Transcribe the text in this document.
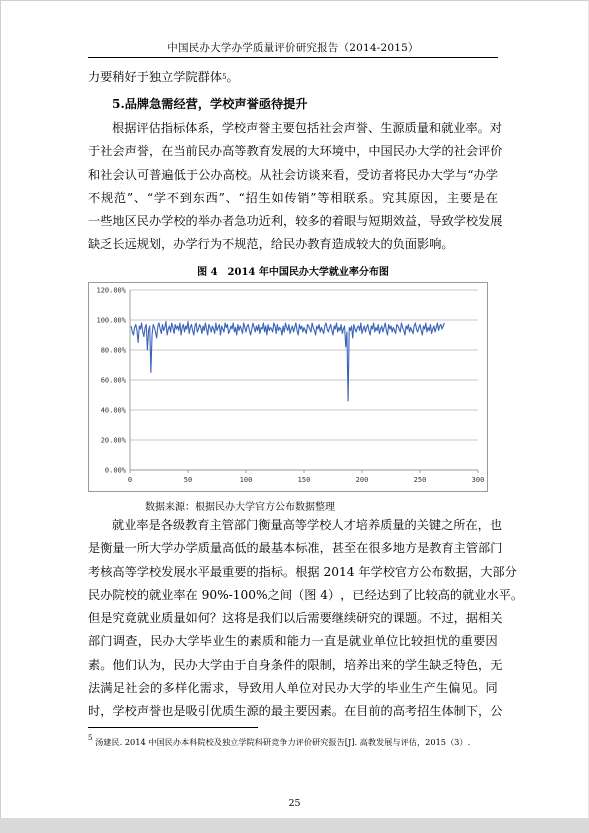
中国民办大学办学质量评价研究报告（2014-2015）
力要稍好于独立学院群体 5 。
5.品牌急需经营，学校声誉亟待提升
根 据 评 估 指 标 体 系 ， 学 校 声 誉 主 要 包 括 社 会 声 誉 、 生 源 质 量 和 就 业 率 。 对
于 社 会 声 誉 ， 在 当 前 民 办 高 等 教 育 发 展 的 大 环 境 中 ， 中 国 民 办 大 学 的 社 会 评 价
和 社 会 认 可 普 遍 低 于 公 办 高 校 。 从 社 会 访 谈 来 看 ， 受 访 者 将 民 办 大 学 与 “ 办 学
不 规 范 ” 、 “ 学 不 到 东 西 ” 、 “ 招 生 如 传 销 ” 等 相 联 系 。 究 其 原 因 ， 主 要 是 在
一 些 地 区 民 办 学 校 的 举 办 者 急 功 近 利 ， 较 多 的 着 眼 与 短 期 效 益 ， 导 致 学 校 发 展
缺乏长远规划，办学行为不规范，给民办教育造成较大的负面影响。
图 4　2014 年中国民办大学就业率分布图
0.00%
20.00%
40.00%
60.00%
80.00%
100.00%
120.00%
0	50	100	150	200	250	300
数据来源：根据民办大学官方公布数据整理
就 业 率 是 各 级 教 育 主 管 部 门 衡 量 高 等 学 校 人 才 培 养 质 量 的 关 键 之 所 在 ， 也
是 衡 量 一 所 大 学 办 学 质 量 高 低 的 最 基 本 标 准 ， 甚 至 在 很 多 地 方 是 教 育 主 管 部 门
考 核 高 等 学 校 发 展 水 平 最 重 要 的 指 标 。 根 据
2014
年 学 校 官 方 公 布 数 据 ， 大 部 分
民 办 院 校 的 就 业 率 在
90%-100% 之 间 （ 图
4 ） ， 已 经 达 到 了 比 较 高 的 就 业 水 平 。
但 是 究 竟 就 业 质 量 如 何 ？ 这 将 是 我 们 以 后 需 要 继 续 研 究 的 课 题 。 不 过 ， 据 相 关
部 门 调 查 ， 民 办 大 学 毕 业 生 的 素 质 和 能 力 一 直 是 就 业 单 位 比 较 担 忧 的 重 要 因
素 。 他 们 认 为 ， 民 办 大 学 由 于 自 身 条 件 的 限 制 ， 培 养 出 来 的 学 生 缺 乏 特 色 ， 无
法 满 足 社 会 的 多 样 化 需 求 ， 导 致 用 人 单 位 对 民 办 大 学 的 毕 业 生 产 生 偏 见 。 同
时 ， 学 校 声 誉 也 是 吸 引 优 质 生 源 的 最 主 要 因 素 。 在 目 前 的 高 考 招 生 体 制 下 ， 公
$^5$ 汤建民. 2014 中国民办本科院校及独立学院科研竞争力评价研究报告[J]. 高教发展与评估，2015（3）.
25
